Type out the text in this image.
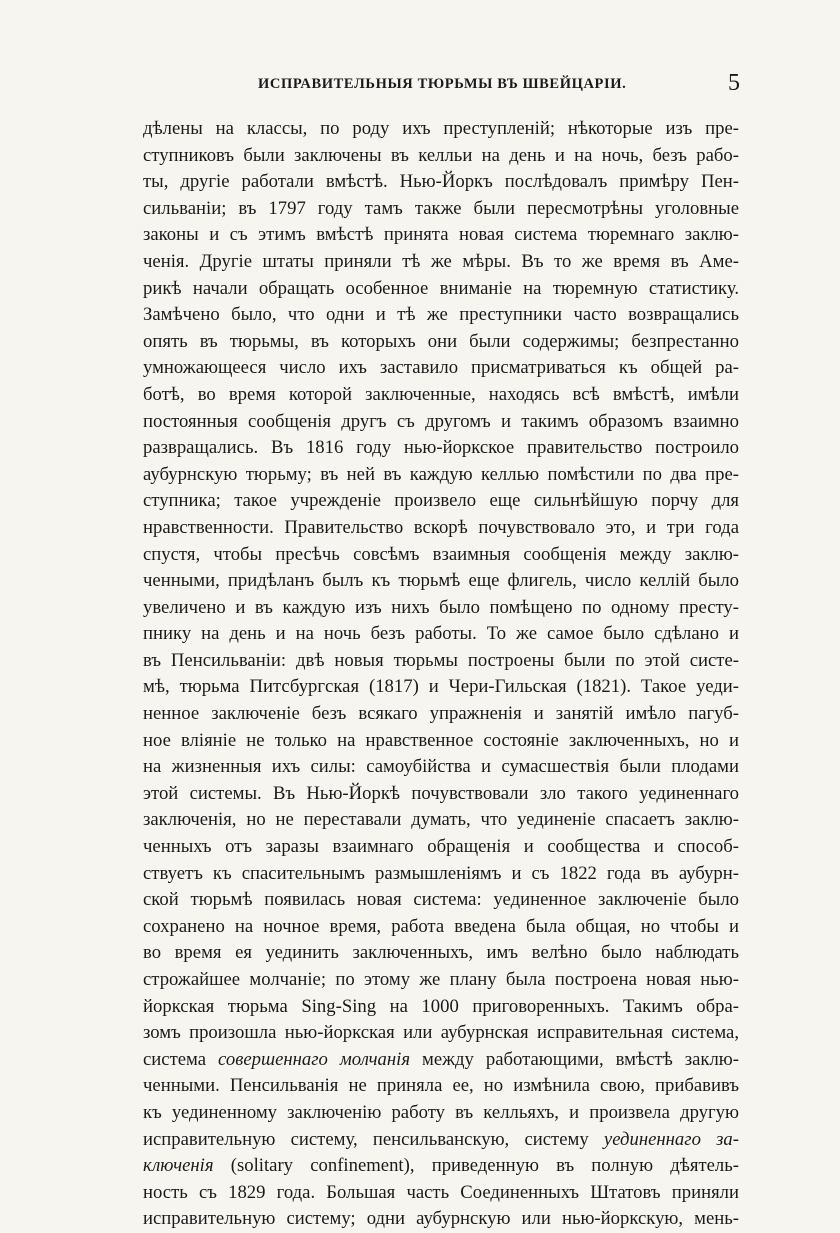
ИСПРАВИТЕЛЬНЫЯ ТЮРЬМЫ ВЪ ШВЕЙЦАРІИ.	5
дѣлены на классы, по роду ихъ преступленій; нѣкоторые изъ пре-
ступниковъ были заключены въ келльи на день и на ночь, безъ рабо-
ты, другіе работали вмѣстѣ. Нью-Йоркъ послѣдовалъ примѣру Пен-
сильваніи; въ 1797 году тамъ также были пересмотрѣны уголовные
законы и съ этимъ вмѣстѣ принята новая система тюремнаго заклю-
ченія. Другіе штаты приняли тѣ же мѣры. Въ то же время въ Аме-
рикѣ начали обращать особенное вниманіе на тюремную статистику.
Замѣчено было, что одни и тѣ же преступники часто возвращались
опять въ тюрьмы, въ которыхъ они были содержимы; безпрестанно
умножающееся число ихъ заставило присматриваться къ общей ра-
ботѣ, во время которой заключенные, находясь всѣ вмѣстѣ, имѣли
постоянныя сообщенія другъ съ другомъ и такимъ образомъ взаимно
развращались. Въ 1816 году нью-йоркское правительство построило
аубурнскую тюрьму; въ ней въ каждую келлью помѣстили по два пре-
ступника; такое учрежденіе произвело еще сильнѣйшую порчу для
нравственности. Правительство вскорѣ почувствовало это, и три года
спустя, чтобы пресѣчь совсѣмъ взаимныя сообщенія между заклю-
ченными, придѣланъ былъ къ тюрьмѣ еще флигель, число келлій было
увеличено и въ каждую изъ нихъ было помѣщено по одному престу-
пнику на день и на ночь безъ работы. То же самое было сдѣлано и
въ Пенсильваніи: двѣ новыя тюрьмы построены были по этой систе-
мѣ, тюрьма Питсбургская (1817) и Чери-Гильская (1821). Такое уеди-
ненное заключеніе безъ всякаго упражненія и занятій имѣло пагуб-
ное вліяніе не только на нравственное состояніе заключенныхъ, но и
на жизненныя ихъ силы: самоубійства и сумасшествія были плодами
этой системы. Въ Нью-Йоркѣ почувствовали зло такого уединеннаго
заключенія, но не переставали думать, что уединеніе спасаетъ заклю-
ченныхъ отъ заразы взаимнаго обращенія и сообщества и способ-
ствуетъ къ спасительнымъ размышленіямъ и съ 1822 года въ аубурн-
ской тюрьмѣ появилась новая система: уединенное заключеніе было
сохранено на ночное время, работа введена была общая, но чтобы и
во время ея уединить заключенныхъ, имъ велѣно было наблюдать
строжайшее молчаніе; по этому же плану была построена новая нью-
йоркская тюрьма Sing-Sing на 1000 приговоренныхъ. Такимъ обра-
зомъ произошла нью-йоркская или аубурнская исправительная система,
система совершеннаго молчанія между работающими, вмѣстѣ заклю-
ченными. Пенсильванія не приняла ее, но измѣнила свою, прибавивъ
къ уединенному заключенію работу въ келльяхъ, и произвела другую
исправительную систему, пенсильванскую, систему уединеннаго за-
ключенія (solitary confinement), приведенную въ полную дѣятель-
ность съ 1829 года. Большая часть Соединенныхъ Штатовъ приняли
исправительную систему; одни аубурнскую или нью-йоркскую, мень-
